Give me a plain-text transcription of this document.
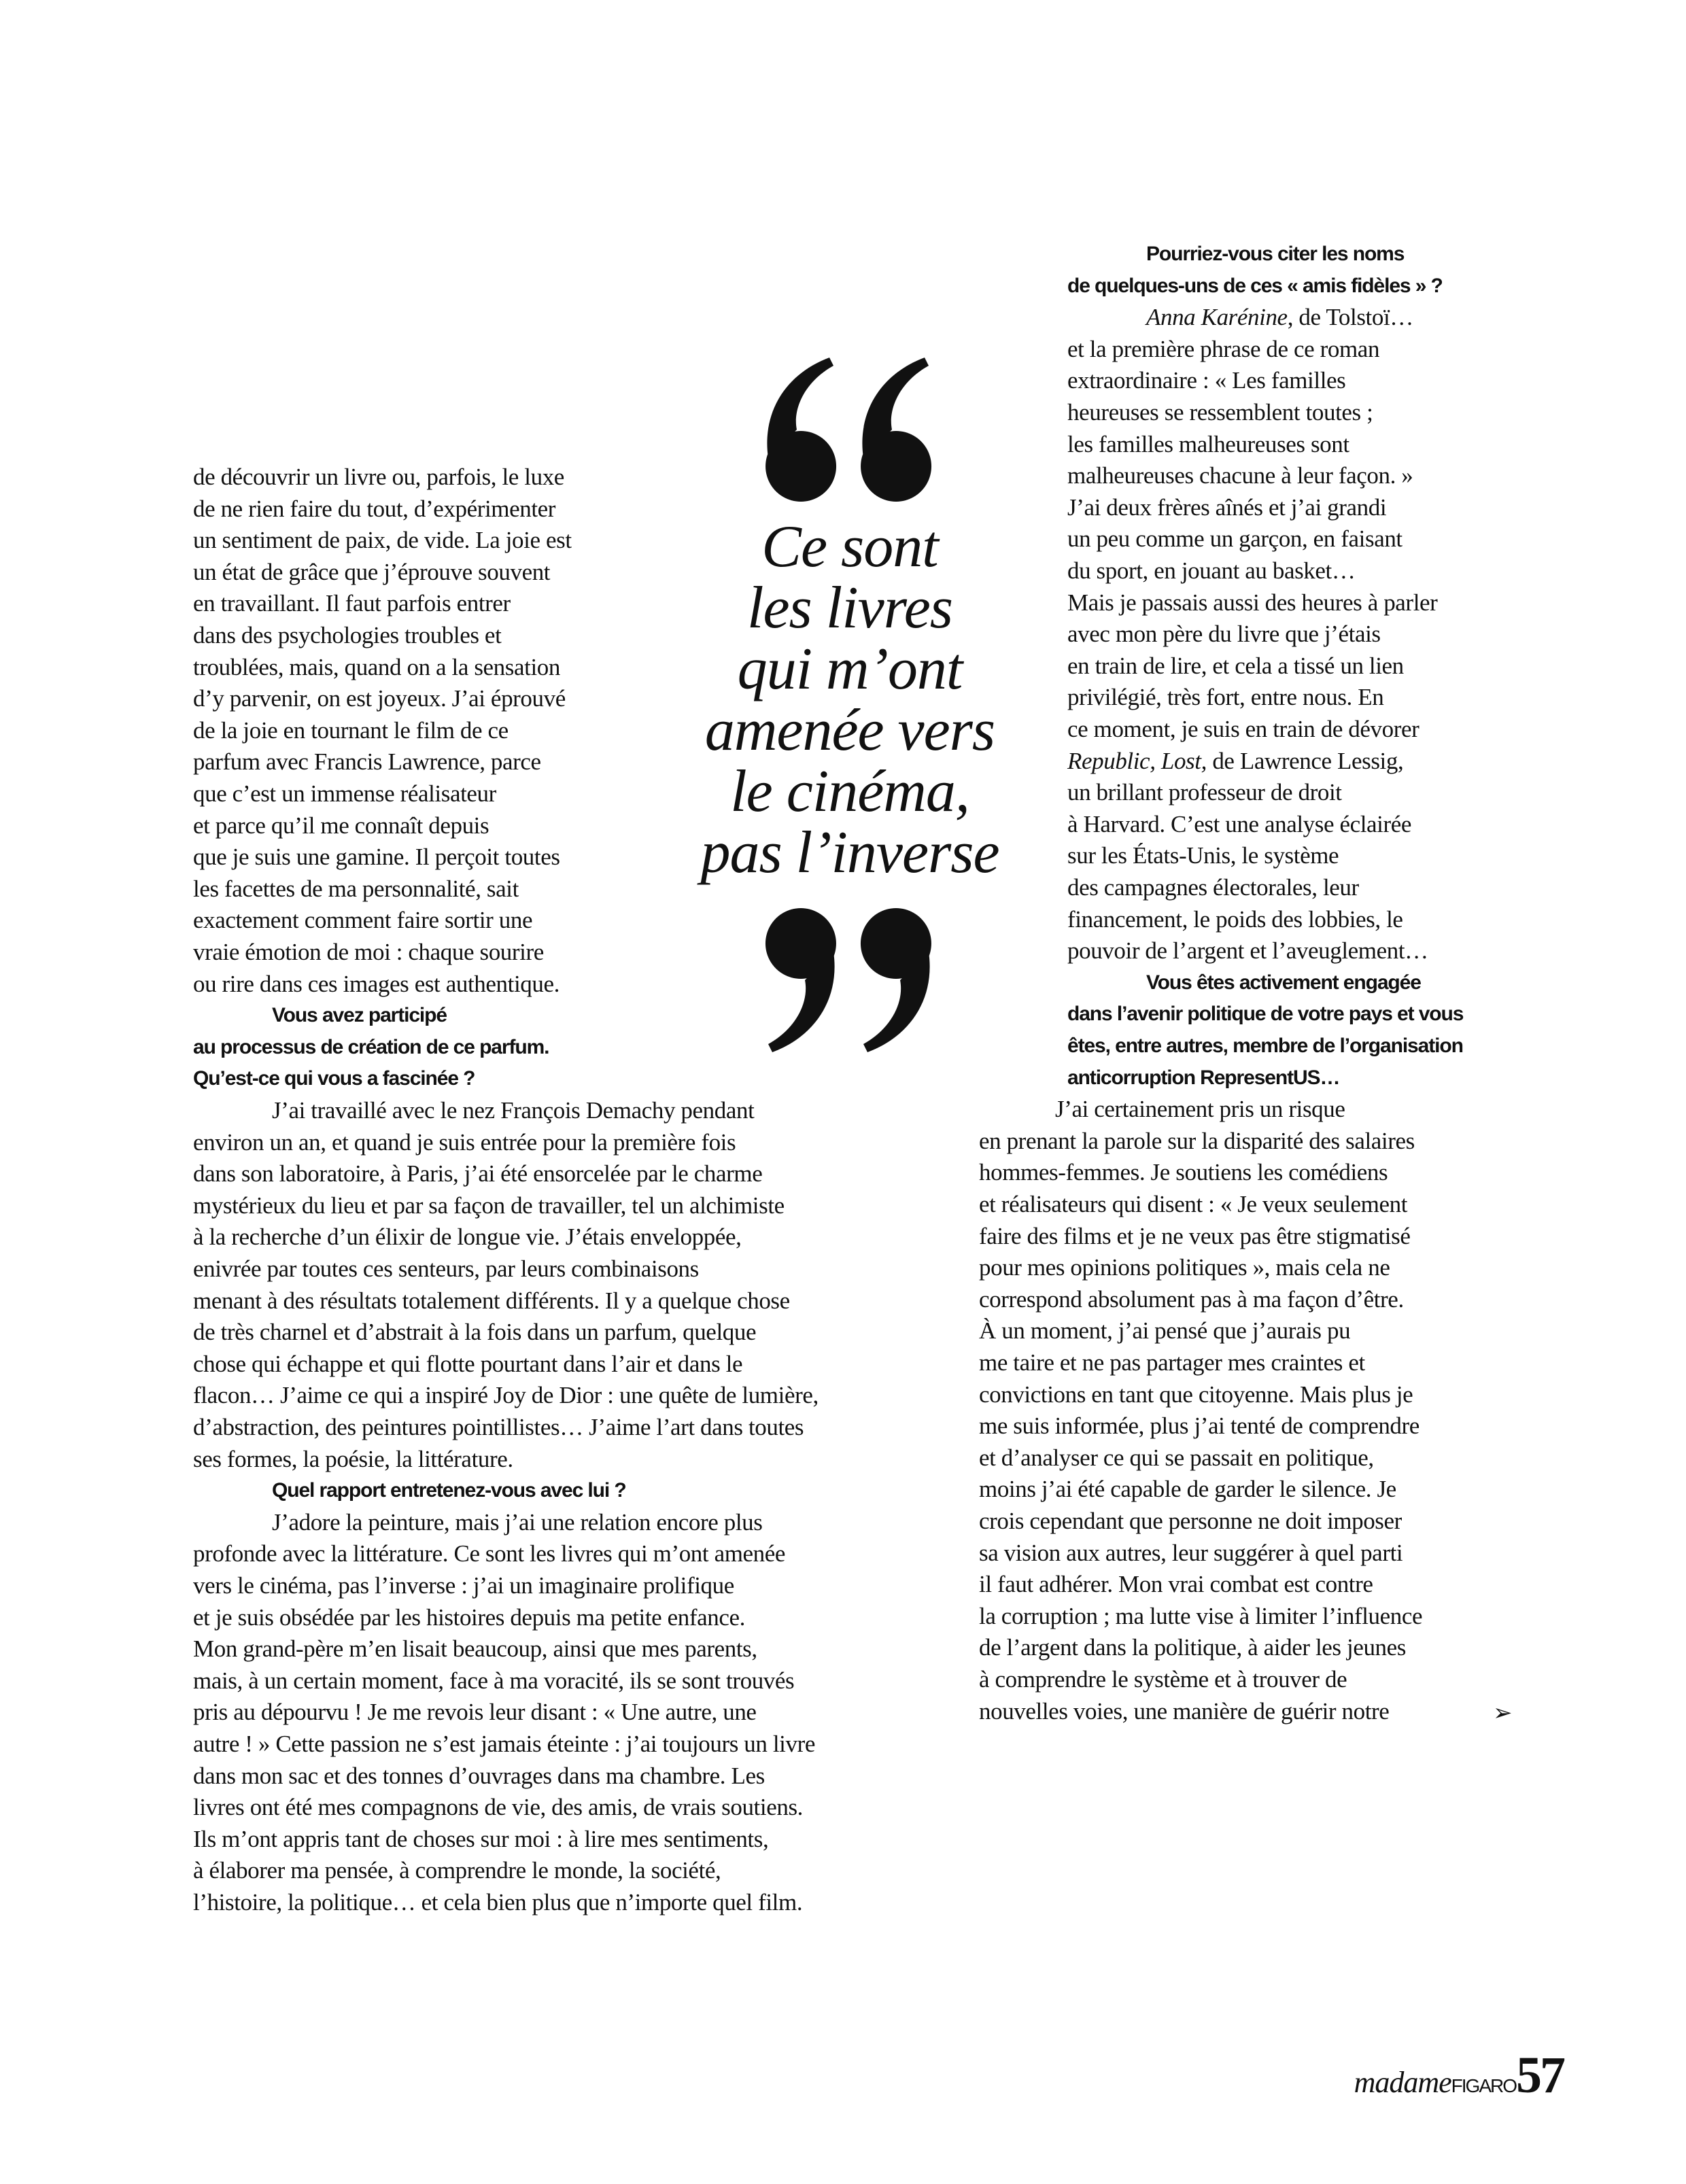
de découvrir un livre ou, parfois, le luxe
de ne rien faire du tout, d’expérimenter
un sentiment de paix, de vide. La joie est
un état de grâce que j’éprouve souvent
en travaillant. Il faut parfois entrer
dans des psychologies troubles et
troublées, mais, quand on a la sensation
d’y parvenir, on est joyeux. J’ai éprouvé
de la joie en tournant le film de ce
parfum avec Francis Lawrence, parce
que c’est un immense réalisateur
et parce qu’il me connaît depuis
que je suis une gamine. Il perçoit toutes
les facettes de ma personnalité, sait
exactement comment faire sortir une
vraie émotion de moi : chaque sourire
ou rire dans ces images est authentique.
Vous avez participé
au processus de création de ce parfum.
Qu’est-ce qui vous a fascinée ?
J’ai travaillé avec le nez François Demachy pendant
environ un an, et quand je suis entrée pour la première fois
dans son laboratoire, à Paris, j’ai été ensorcelée par le charme
mystérieux du lieu et par sa façon de travailler, tel un alchimiste
à la recherche d’un élixir de longue vie. J’étais enveloppée,
enivrée par toutes ces senteurs, par leurs combinaisons
menant à des résultats totalement différents. Il y a quelque chose
de très charnel et d’abstrait à la fois dans un parfum, quelque
chose qui échappe et qui flotte pourtant dans l’air et dans le
flacon… J’aime ce qui a inspiré Joy de Dior : une quête de lumière,
d’abstraction, des peintures pointillistes… J’aime l’art dans toutes
ses formes, la poésie, la littérature.
Quel rapport entretenez-vous avec lui ?
J’adore la peinture, mais j’ai une relation encore plus
profonde avec la littérature. Ce sont les livres qui m’ont amenée
vers le cinéma, pas l’inverse : j’ai un imaginaire prolifique
et je suis obsédée par les histoires depuis ma petite enfance.
Mon grand-père m’en lisait beaucoup, ainsi que mes parents,
mais, à un certain moment, face à ma voracité, ils se sont trouvés
pris au dépourvu ! Je me revois leur disant : « Une autre, une
autre ! » Cette passion ne s’est jamais éteinte : j’ai toujours un livre
dans mon sac et des tonnes d’ouvrages dans ma chambre. Les
livres ont été mes compagnons de vie, des amis, de vrais soutiens.
Ils m’ont appris tant de choses sur moi : à lire mes sentiments,
à élaborer ma pensée, à comprendre le monde, la société,
l’histoire, la politique… et cela bien plus que n’importe quel film.
Pourriez-vous citer les noms
de quelques-uns de ces « amis fidèles » ?
Anna Karénine, de Tolstoï…
et la première phrase de ce roman
extraordinaire : « Les familles
heureuses se ressemblent toutes ;
les familles malheureuses sont
malheureuses chacune à leur façon. »
J’ai deux frères aînés et j’ai grandi
un peu comme un garçon, en faisant
du sport, en jouant au basket…
Mais je passais aussi des heures à parler
avec mon père du livre que j’étais
en train de lire, et cela a tissé un lien
privilégié, très fort, entre nous. En
ce moment, je suis en train de dévorer
Republic, Lost, de Lawrence Lessig,
un brillant professeur de droit
à Harvard. C’est une analyse éclairée
sur les États-Unis, le système
des campagnes électorales, leur
financement, le poids des lobbies, le
pouvoir de l’argent et l’aveuglement…
Vous êtes activement engagée
dans l’avenir politique de votre pays et vous
êtes, entre autres, membre de l’organisation
anticorruption RepresentUS…
J’ai certainement pris un risque
en prenant la parole sur la disparité des salaires
hommes-femmes. Je soutiens les comédiens
et réalisateurs qui disent : « Je veux seulement
faire des films et je ne veux pas être stigmatisé
pour mes opinions politiques », mais cela ne
correspond absolument pas à ma façon d’être.
À un moment, j’ai pensé que j’aurais pu
me taire et ne pas partager mes craintes et
convictions en tant que citoyenne. Mais plus je
me suis informée, plus j’ai tenté de comprendre
et d’analyser ce qui se passait en politique,
moins j’ai été capable de garder le silence. Je
crois cependant que personne ne doit imposer
sa vision aux autres, leur suggérer à quel parti
il faut adhérer. Mon vrai combat est contre
la corruption ; ma lutte vise à limiter l’influence
de l’argent dans la politique, à aider les jeunes
à comprendre le système et à trouver de
nouvelles voies, une manière de guérir notre
Ce sont
les livres
qui m’ont
amenée vers
le cinéma,
pas l’inverse
➢
madameFIGARO57
